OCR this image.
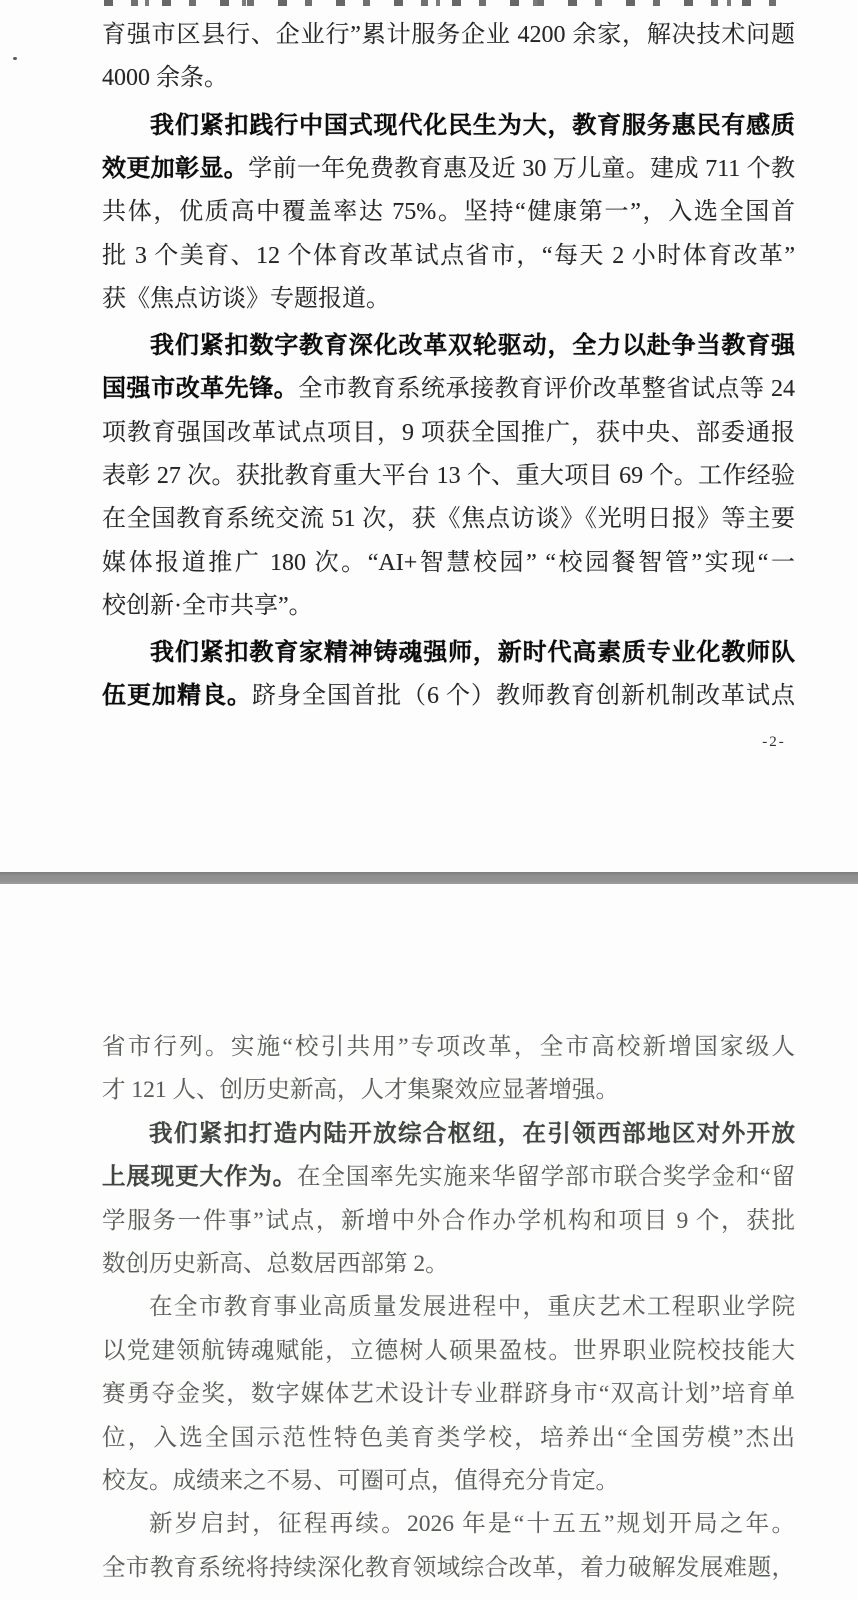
育强市区县行、企业行”累计服务企业 4200 余家，解决技术问题
4000 余条。
我们紧扣践行中国式现代化民生为大，教育服务惠民有感质
效更加彰显。学前一年免费教育惠及近 30 万儿童。建成 711 个教
共体，优质高中覆盖率达 75%。坚持“健康第一”，入选全国首
批 3 个美育、12 个体育改革试点省市，“每天 2 小时体育改革”
获《焦点访谈》专题报道。
我们紧扣数字教育深化改革双轮驱动，全力以赴争当教育强
国强市改革先锋。全市教育系统承接教育评价改革整省试点等 24
项教育强国改革试点项目，9 项获全国推广，获中央、部委通报
表彰 27 次。获批教育重大平台 13 个、重大项目 69 个。工作经验
在全国教育系统交流 51 次，获《焦点访谈》《光明日报》等主要
媒体报道推广 180 次。“AI+智慧校园” “校园餐智管”实现“一
校创新·全市共享”。
我们紧扣教育家精神铸魂强师，新时代高素质专业化教师队
伍更加精良。跻身全国首批（6 个）教师教育创新机制改革试点
-2-
省市行列。实施“校引共用”专项改革，全市高校新增国家级人
才 121 人、创历史新高，人才集聚效应显著增强。
我们紧扣打造内陆开放综合枢纽，在引领西部地区对外开放
上展现更大作为。在全国率先实施来华留学部市联合奖学金和“留
学服务一件事”试点，新增中外合作办学机构和项目 9 个，获批
数创历史新高、总数居西部第 2。
在全市教育事业高质量发展进程中，重庆艺术工程职业学院
以党建领航铸魂赋能，立德树人硕果盈枝。世界职业院校技能大
赛勇夺金奖，数字媒体艺术设计专业群跻身市“双高计划”培育单
位，入选全国示范性特色美育类学校，培养出“全国劳模”杰出
校友。成绩来之不易、可圈可点，值得充分肯定。
新岁启封，征程再续。2026 年是“十五五”规划开局之年。
全市教育系统将持续深化教育领域综合改革，着力破解发展难题，
